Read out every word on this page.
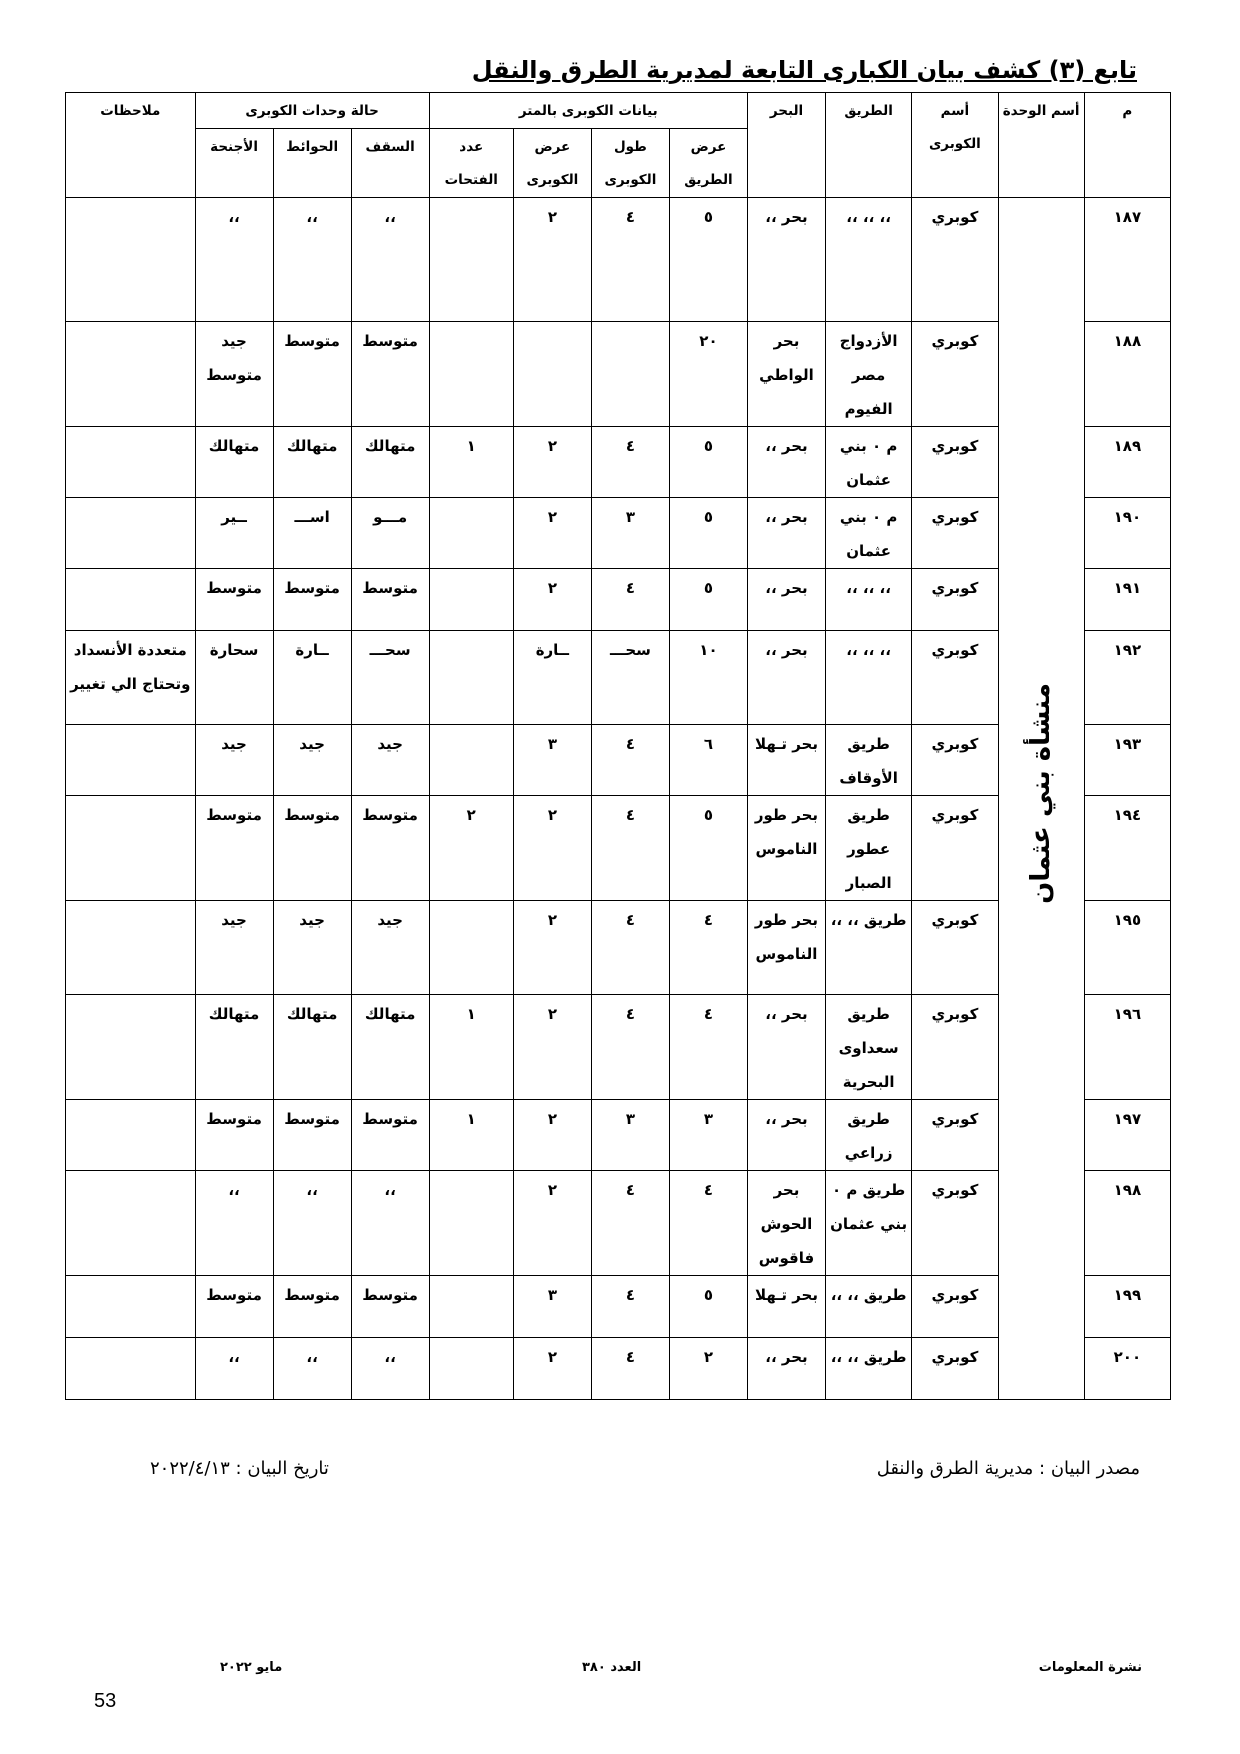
تابع (٣) كشف بيان الكبارى التابعة لمديرية الطرق والنقل
م	أسم الوحدة	أسم الكوبرى	الطريق	البحر	بيانات الكوبرى بالمتر				حالة وحدات الكوبرى			ملاحظات
					عرض الطريق	طول الكوبرى	عرض الكوبرى	عدد الفتحات	السقف	الحوائط	الأجنحة	
١٨٧	منشأة بني عثمان	كوبري	،، ،، ،،	بحر ،،	٥	٤	٢		،،	،،	،،	
١٨٨		كوبري	الأزدواج مصر الفيوم	بحر الواطي	٢٠				متوسط	متوسط	جيد متوسط	
١٨٩		كوبري	م ٠ بني عثمان	بحر ،،	٥	٤	٢	١	متهالك	متهالك	متهالك	
١٩٠		كوبري	م ٠ بني عثمان	بحر ،،	٥	٣	٢		مـــو	اســـ	ــير	
١٩١		كوبري	،، ،، ،،	بحر ،،	٥	٤	٢		متوسط	متوسط	متوسط	
١٩٢		كوبري	،، ،، ،،	بحر ،،	١٠	سحـــ	ــارة		سحـــ	ــارة	سحارة	متعددة الأنسداد وتحتاج الي تغيير
١٩٣		كوبري	طريق الأوقاف	بحر تـهلا	٦	٤	٣		جيد	جيد	جيد	
١٩٤		كوبري	طريق عطور الصبار	بحر طور الناموس	٥	٤	٢	٢	متوسط	متوسط	متوسط	
١٩٥		كوبري	طريق ،، ،،	بحر طور الناموس	٤	٤	٢		جيد	جيد	جيد	
١٩٦		كوبري	طريق سعداوى البحرية	بحر ،،	٤	٤	٢	١	متهالك	متهالك	متهالك	
١٩٧		كوبري	طريق زراعي	بحر ،،	٣	٣	٢	١	متوسط	متوسط	متوسط	
١٩٨		كوبري	طريق م ٠ بني عثمان	بحر الحوش فاقوس	٤	٤	٢		،،	،،	،،	
١٩٩		كوبري	طريق ،، ،،	بحر تـهلا	٥	٤	٣		متوسط	متوسط	متوسط	
٢٠٠		كوبري	طريق ،، ،،	بحر ،،	٢	٤	٢		،،	،،	،،	
مصدر البيان : مديرية الطرق والنقل
تاريخ البيان : ٢٠٢٢/٤/١٣
نشرة المعلومات
العدد ٣٨٠
مايو ٢٠٢٢
53
